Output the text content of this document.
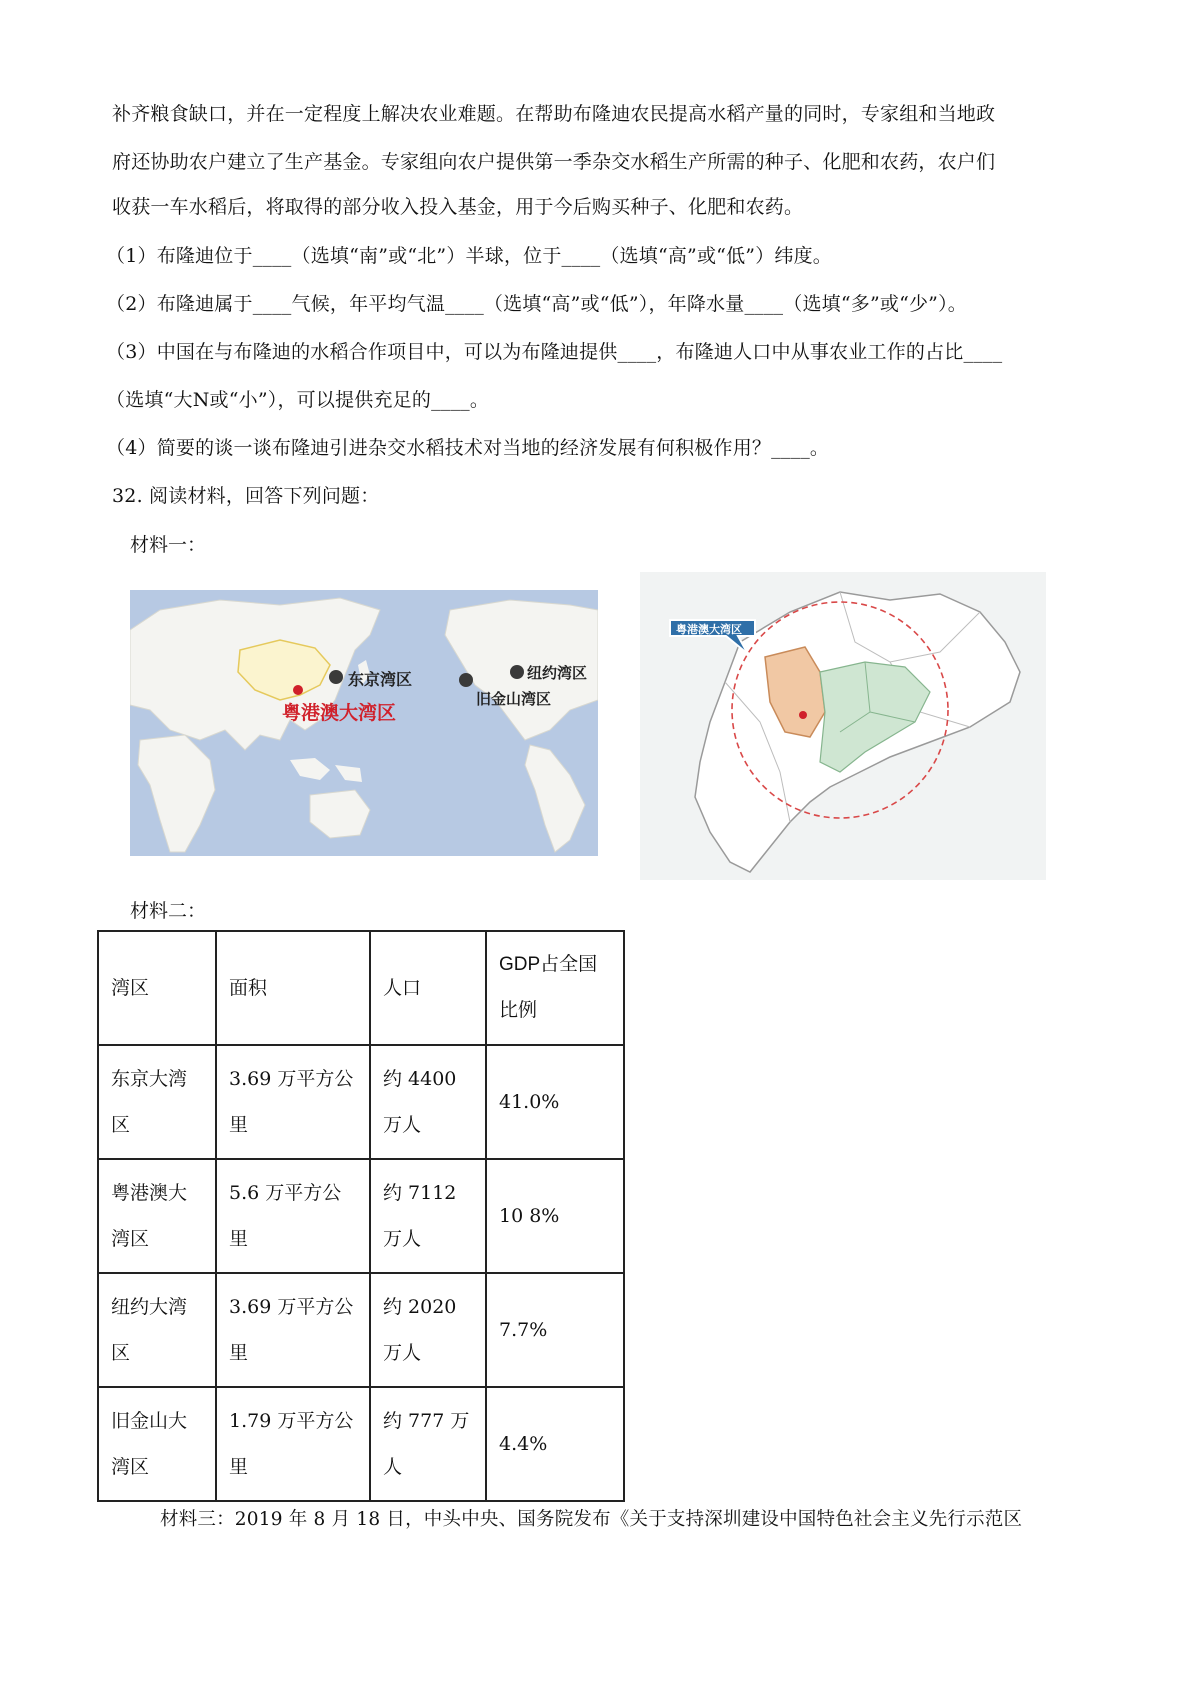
补齐粮食缺口，并在一定程度上解决农业难题。在帮助布隆迪农民提高水稻产量的同时，专家组和当地政
府还协助农户建立了生产基金。专家组向农户提供第一季杂交水稻生产所需的种子、化肥和农药，农户们
收获一车水稻后，将取得的部分收入投入基金，用于今后购买种子、化肥和农药。
（1）布隆迪位于____（选填“南”或“北”）半球，位于____（选填“高”或“低”）纬度。
（2）布隆迪属于____气候，年平均气温____（选填“高”或“低”），年降水量____（选填“多”或“少”）。
（3）中国在与布隆迪的水稻合作项目中，可以为布隆迪提供____，布隆迪人口中从事农业工作的占比____
（选填“大N或“小”），可以提供充足的____。
（4）简要的谈一谈布隆迪引进杂交水稻技术对当地的经济发展有何积极作用？____。
32. 阅读材料，回答下列问题：
材料一：
东京湾区
粤港澳大湾区
旧金山湾区
纽约湾区
粤港澳大湾区
材料二：
湾区	面积	人口	GDP占全国比例
东京大湾区	3.69 万平方公里	约 4400 万人	41.0%
粤港澳大湾区	5.6 万平方公里	约 7112 万人	10 8%
纽约大湾区	3.69 万平方公里	约 2020 万人	7.7%
旧金山大湾区	1.79 万平方公里	约 777 万人	4.4%
材料三：2019 年 8 月 18 日，中头中央、国务院发布《关于支持深圳建设中国特色社会主义先行示范区
